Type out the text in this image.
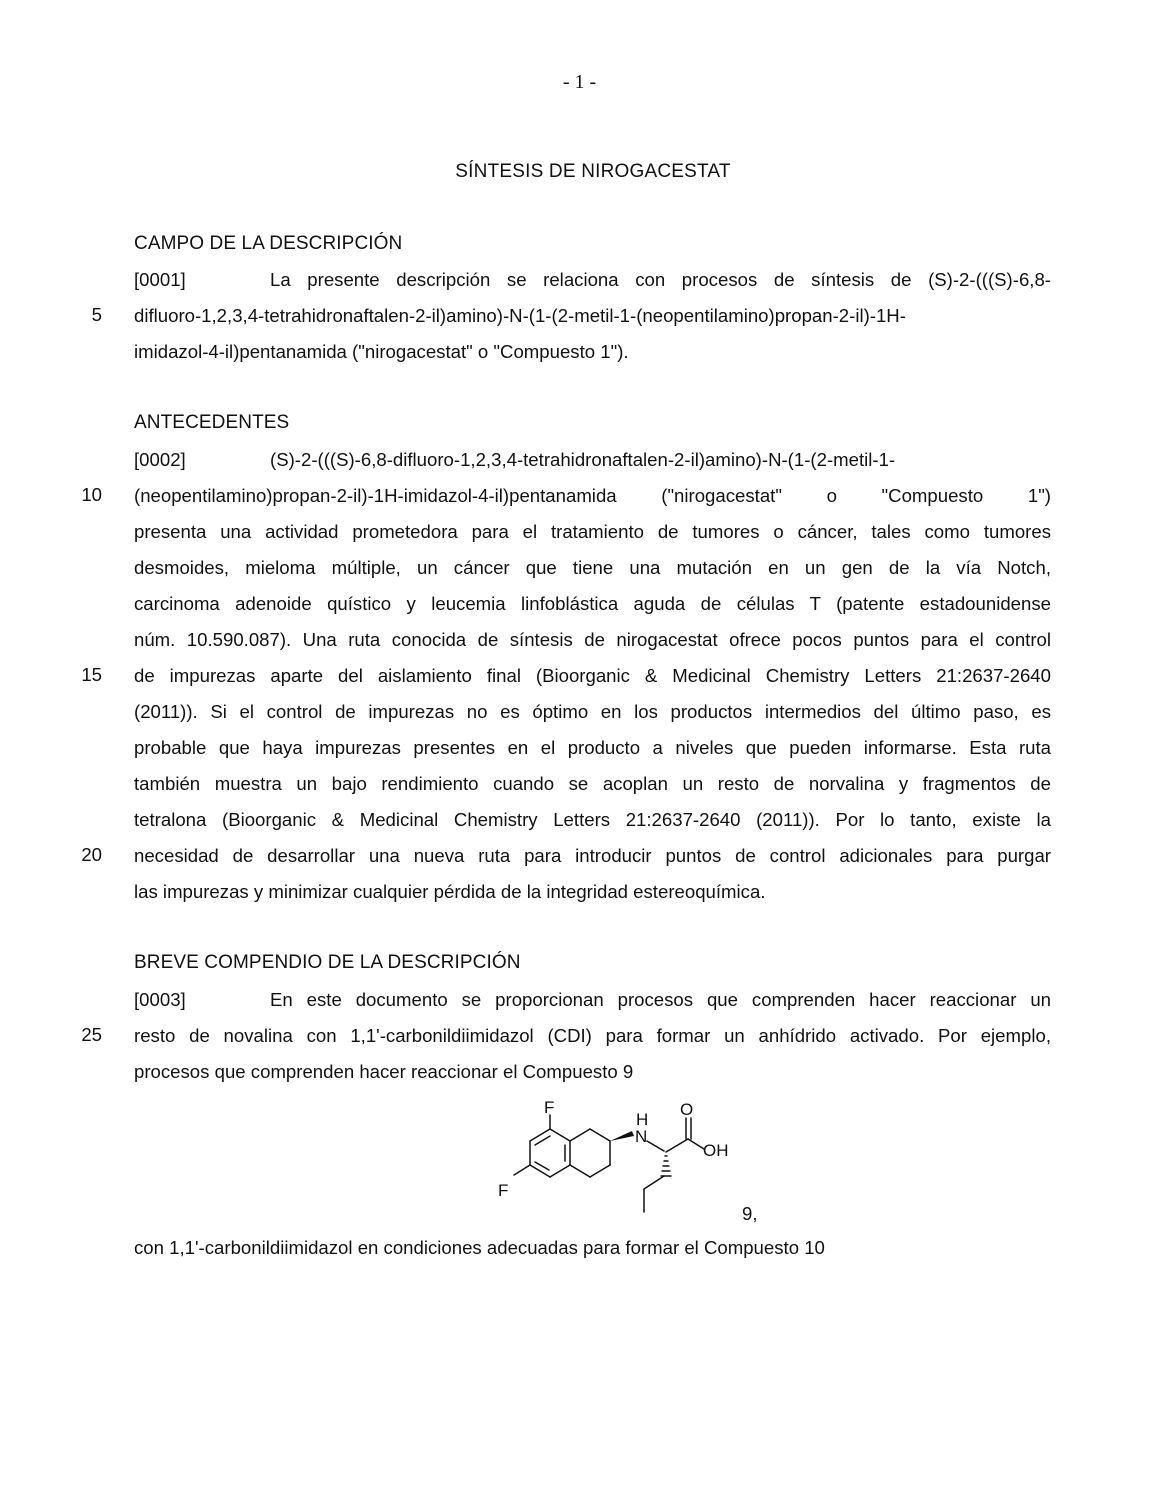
- 1 -
SÍNTESIS DE NIROGACESTAT
5
10
15
20
25
CAMPO DE LA DESCRIPCIÓN
[0001]	La presente descripción se relaciona con procesos de síntesis de (S)-2-(((S)-6,8-
difluoro-1,2,3,4-tetrahidronaftalen-2-il)amino)-N-(1-(2-metil-1-(neopentilamino)propan-2-il)-1H-
imidazol-4-il)pentanamida ("nirogacestat" o "Compuesto 1").
ANTECEDENTES
[0002]	(S)-2-(((S)-6,8-difluoro-1,2,3,4-tetrahidronaftalen-2-il)amino)-N-(1-(2-metil-1-
(neopentilamino)propan-2-il)-1H-imidazol-4-il)pentanamida ("nirogacestat" o "Compuesto 1")
presenta una actividad prometedora para el tratamiento de tumores o cáncer, tales como tumores
desmoides, mieloma múltiple, un cáncer que tiene una mutación en un gen de la vía Notch,
carcinoma adenoide quístico y leucemia linfoblástica aguda de células T (patente estadounidense
núm. 10.590.087). Una ruta conocida de síntesis de nirogacestat ofrece pocos puntos para el control
de impurezas aparte del aislamiento final (Bioorganic & Medicinal Chemistry Letters 21:2637-2640
(2011)). Si el control de impurezas no es óptimo en los productos intermedios del último paso, es
probable que haya impurezas presentes en el producto a niveles que pueden informarse. Esta ruta
también muestra un bajo rendimiento cuando se acoplan un resto de norvalina y fragmentos de
tetralona (Bioorganic & Medicinal Chemistry Letters 21:2637-2640 (2011)). Por lo tanto, existe la
necesidad de desarrollar una nueva ruta para introducir puntos de control adicionales para purgar
las impurezas y minimizar cualquier pérdida de la integridad estereoquímica.
BREVE COMPENDIO DE LA DESCRIPCIÓN
[0003]	En este documento se proporcionan procesos que comprenden hacer reaccionar un
resto de novalina con 1,1'-carbonildiimidazol (CDI) para formar un anhídrido activado. Por ejemplo,
procesos que comprenden hacer reaccionar el Compuesto 9
F
F
H
N
O
OH
9,
con 1,1'-carbonildiimidazol en condiciones adecuadas para formar el Compuesto 10
